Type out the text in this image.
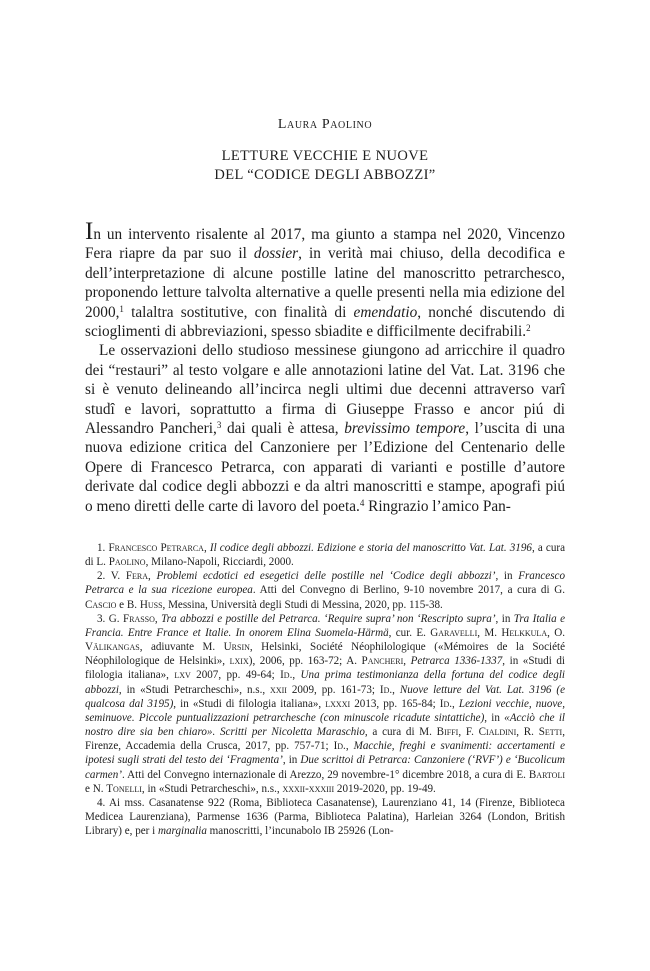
Laura Paolino
LETTURE VECCHIE E NUOVE
DEL “CODICE DEGLI ABBOZZI”

In un intervento risalente al 2017, ma giunto a stampa nel 2020, Vincenzo Fera riapre da par suo il dossier, in verità mai chiuso, della decodifica e dell’interpretazione di alcune postille latine del manoscritto petrarchesco, proponendo letture talvolta alternative a quelle presenti nella mia edizione del 2000,$^1$ talaltra sostitutive, con finalità di emendatio, nonché discutendo di scioglimenti di abbreviazioni, spesso sbiadite e difficilmente decifrabili.$^2$

Le osservazioni dello studioso messinese giungono ad arricchire il quadro dei “restauri” al testo volgare e alle annotazioni latine del Vat. Lat. 3196 che si è venuto delineando all’incirca negli ultimi due decenni attraverso varî studî e lavori, soprattutto a firma di Giuseppe Frasso e ancor piú di Alessandro Pancheri,$^3$ dai quali è attesa, brevissimo tempore, l’uscita di una nuova edizione critica del Canzoniere per l’Edizione del Centenario delle Opere di Francesco Petrarca, con apparati di varianti e postille d’autore derivate dal codice degli abbozzi e da altri manoscritti e stampe, apografi piú o meno diretti delle carte di lavoro del poeta.$^4$ Ringrazio l’amico Pan-

1. Francesco Petrarca, Il codice degli abbozzi. Edizione e storia del manoscritto Vat. Lat. 3196, a cura di L. Paolino, Milano-Napoli, Ricciardi, 2000.

2. V. Fera, Problemi ecdotici ed esegetici delle postille nel ‘Codice degli abbozzi’, in Francesco Petrarca e la sua ricezione europea. Atti del Convegno di Berlino, 9-10 novembre 2017, a cura di G. Cascio e B. Huss, Messina, Università degli Studi di Messina, 2020, pp. 115-38.

3. G. Frasso, Tra abbozzi e postille del Petrarca. ‘Require supra’ non ‘Rescripto supra’, in Tra Italia e Francia. Entre France et Italie. In onorem Elina Suomela-Härmä, cur. E. Garavelli, M. Helkkula, O. Välikangas, adiuvante M. Ursin, Helsinki, Société Néophilologique («Mémoires de la Société Néophilologique de Helsinki», lxix), 2006, pp. 163-72; A. Pancheri, Petrarca 1336-1337, in «Studi di filologia italiana», lxv 2007, pp. 49-64; Id., Una prima testimonianza della fortuna del codice degli abbozzi, in «Studi Petrarcheschi», n.s., xxii 2009, pp. 161-73; Id., Nuove letture del Vat. Lat. 3196 (e qualcosa dal 3195), in «Studi di filologia italiana», lxxxi 2013, pp. 165-84; Id., Lezioni vecchie, nuove, seminuove. Piccole puntualizzazioni petrarchesche (con minuscole ricadute sintattiche), in «Acciò che il nostro dire sia ben chiaro». Scritti per Nicoletta Maraschio, a cura di M. Biffi, F. Cialdini, R. Setti, Firenze, Accademia della Crusca, 2017, pp. 757-71; Id., Macchie, freghi e svanimenti: accertamenti e ipotesi sugli strati del testo dei ‘Fragmenta’, in Due scrittoi di Petrarca: Canzoniere (‘RVF’) e ‘Bucolicum carmen’. Atti del Convegno internazionale di Arezzo, 29 novembre-1° dicembre 2018, a cura di E. Bartoli e N. Tonelli, in «Studi Petrarcheschi», n.s., xxxii-xxxiii 2019-2020, pp. 19-49.

4. Ai mss. Casanatense 922 (Roma, Biblioteca Casanatense), Laurenziano 41, 14 (Firenze, Biblioteca Medicea Laurenziana), Parmense 1636 (Parma, Biblioteca Palatina), Harleian 3264 (London, British Library) e, per i marginalia manoscritti, l’incunabolo IB 25926 (Lon-
